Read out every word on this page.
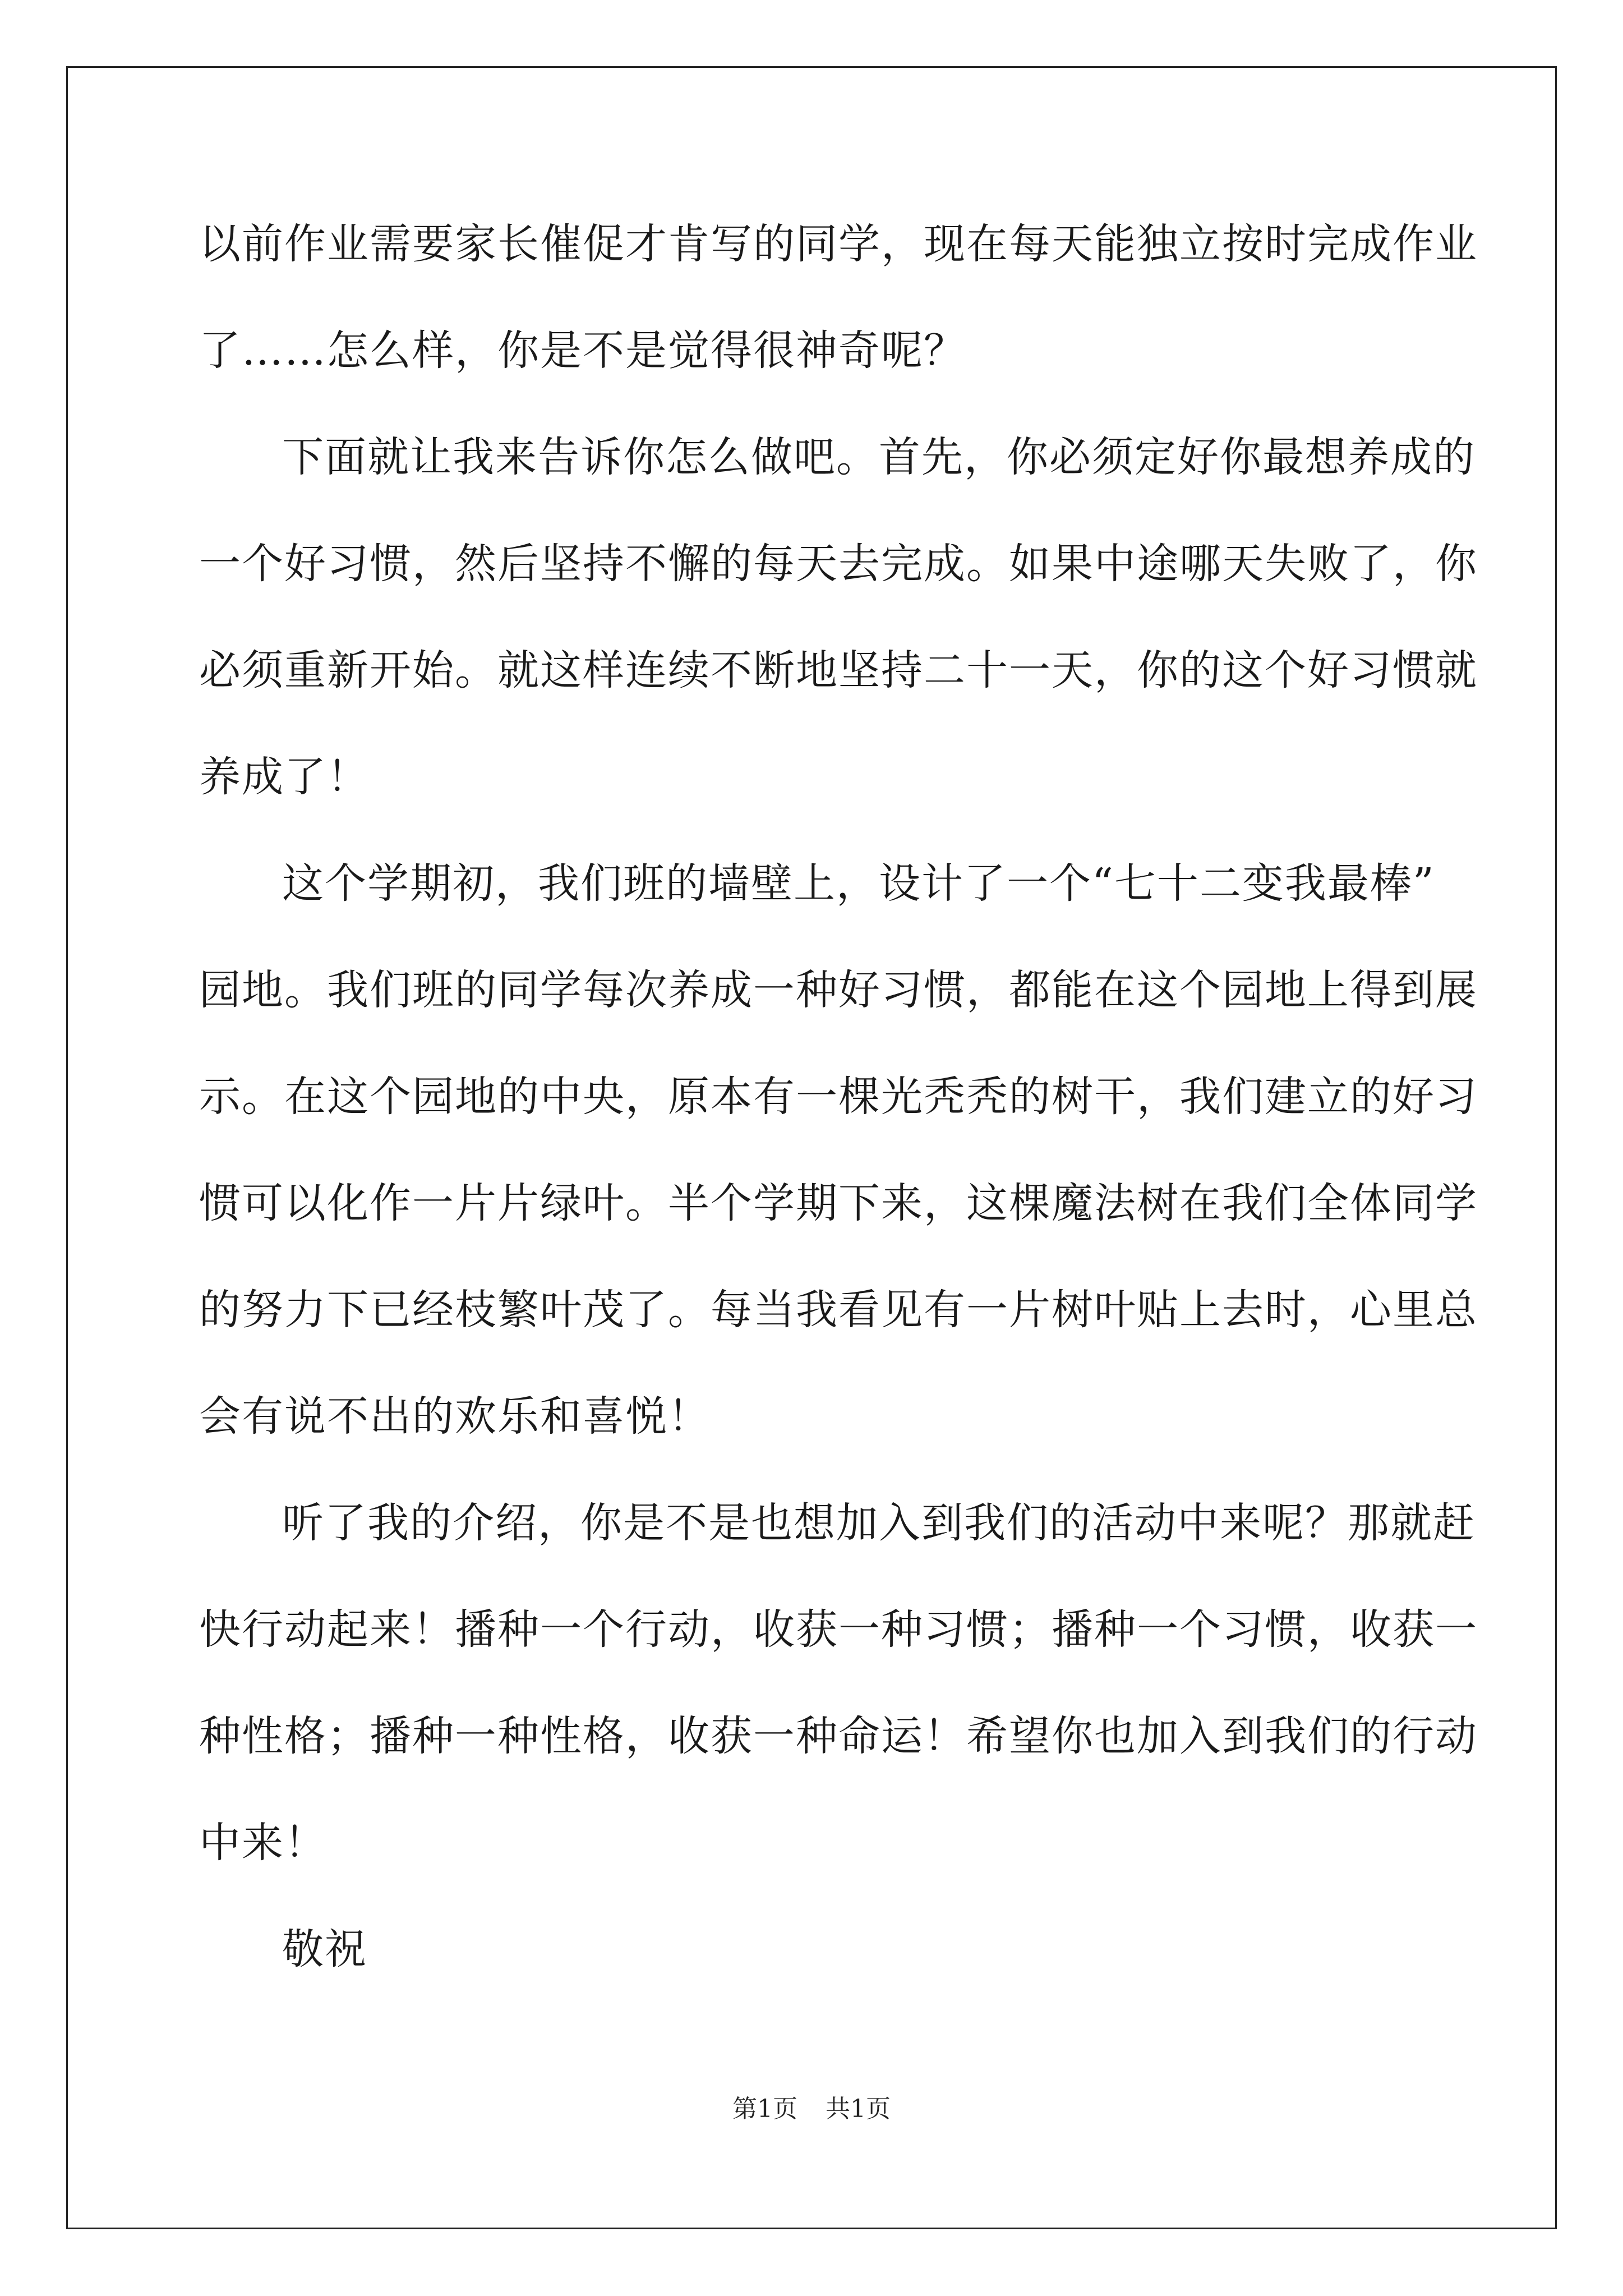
以前作业需要家长催促才肯写的同学，现在每天能独立按时完成作业
了……怎么样，你是不是觉得很神奇呢？
下面就让我来告诉你怎么做吧。首先，你必须定好你最想养成的
一个好习惯，然后坚持不懈的每天去完成。如果中途哪天失败了，你
必须重新开始。就这样连续不断地坚持二十一天，你的这个好习惯就
养成了！
这个学期初，我们班的墙壁上，设计了一个“七十二变我最棒”
园地。我们班的同学每次养成一种好习惯，都能在这个园地上得到展
示。在这个园地的中央，原本有一棵光秃秃的树干，我们建立的好习
惯可以化作一片片绿叶。半个学期下来，这棵魔法树在我们全体同学
的努力下已经枝繁叶茂了。每当我看见有一片树叶贴上去时，心里总
会有说不出的欢乐和喜悦！
听了我的介绍，你是不是也想加入到我们的活动中来呢？那就赶
快行动起来！播种一个行动，收获一种习惯；播种一个习惯，收获一
种性格；播种一种性格，收获一种命运！希望你也加入到我们的行动
中来！
敬祝
第1页 共1页
